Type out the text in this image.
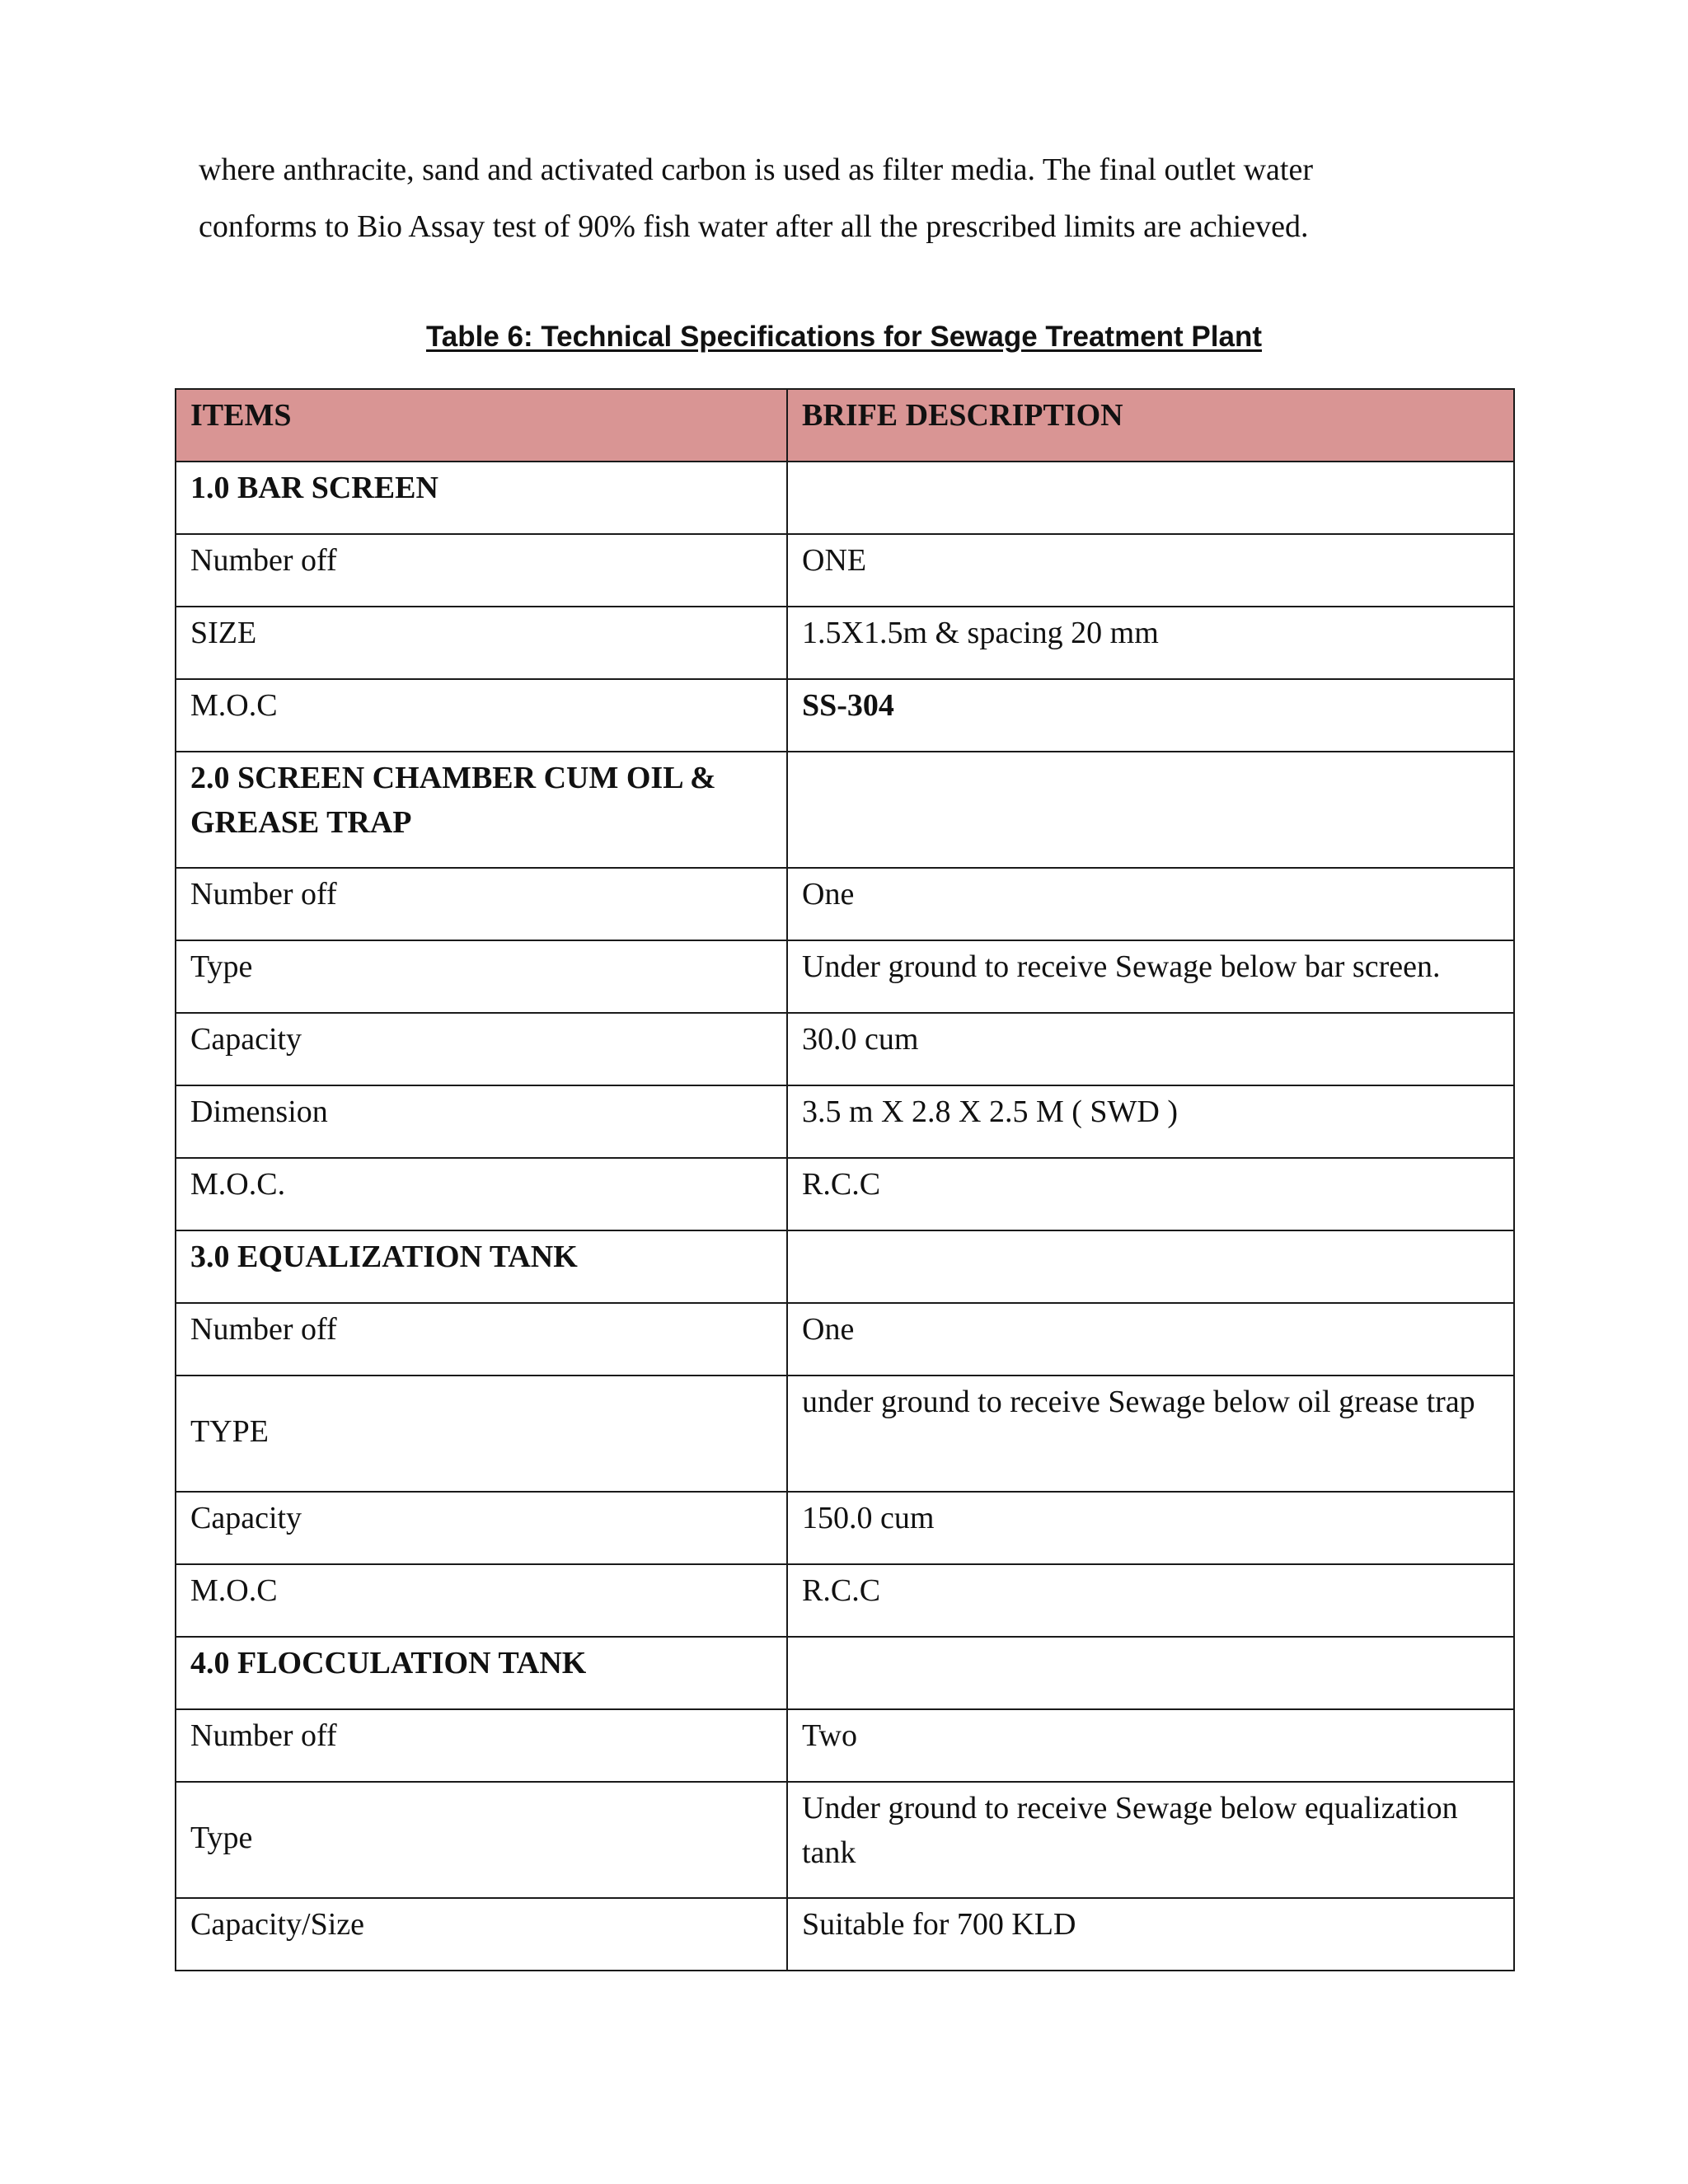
where anthracite, sand and activated carbon is used as filter media. The final outlet water

conforms to Bio Assay test of 90% fish water after all the prescribed limits are achieved.

Table 6: Technical Specifications for Sewage Treatment Plant
ITEMS	BRIFE DESCRIPTION
1.0 BAR SCREEN	
Number off	ONE
SIZE	1.5X1.5m & spacing 20 mm
M.O.C	SS-304
2.0 SCREEN CHAMBER CUM OIL & GREASE TRAP	
Number off	One
Type	Under ground to receive Sewage below bar screen.
Capacity	30.0 cum
Dimension	3.5 m X 2.8 X 2.5 M ( SWD )
M.O.C.	R.C.C
3.0 EQUALIZATION TANK	
Number off	One
TYPE	under ground to receive Sewage below oil grease trap
Capacity	150.0 cum
M.O.C	R.C.C
4.0 FLOCCULATION TANK	
Number off	Two
Type	Under ground to receive Sewage below equalization tank
Capacity/Size	Suitable for 700 KLD
